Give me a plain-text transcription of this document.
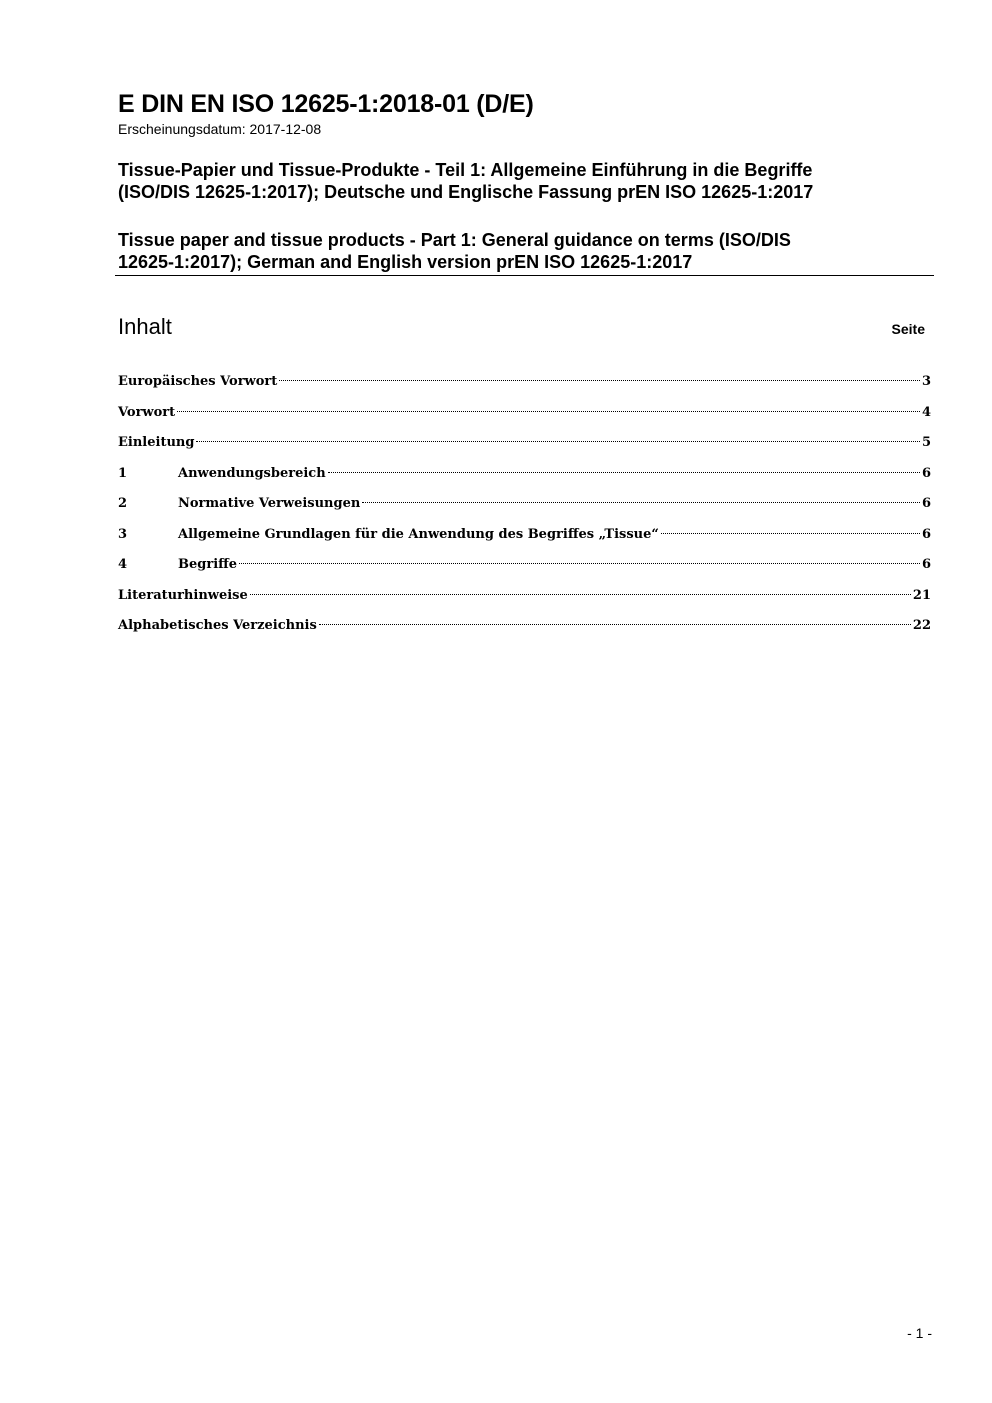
E DIN EN ISO 12625-1:2018-01 (D/E)
Erscheinungsdatum: 2017-12-08
Tissue-Papier und Tissue-Produkte - Teil 1: Allgemeine Einführung in die Begriffe
(ISO/DIS 12625-1:2017); Deutsche und Englische Fassung prEN ISO 12625-1:2017
Tissue paper and tissue products - Part 1: General guidance on terms (ISO/DIS
12625-1:2017); German and English version prEN ISO 12625-1:2017
Inhalt	Seite
Europäisches Vorwort	3
Vorwort	4
Einleitung	5
1	Anwendungsbereich	6
2	Normative Verweisungen	6
3	Allgemeine Grundlagen für die Anwendung des Begriffes „Tissue“	6
4	Begriffe	6
Literaturhinweise	21
Alphabetisches Verzeichnis	22
- 1 -
